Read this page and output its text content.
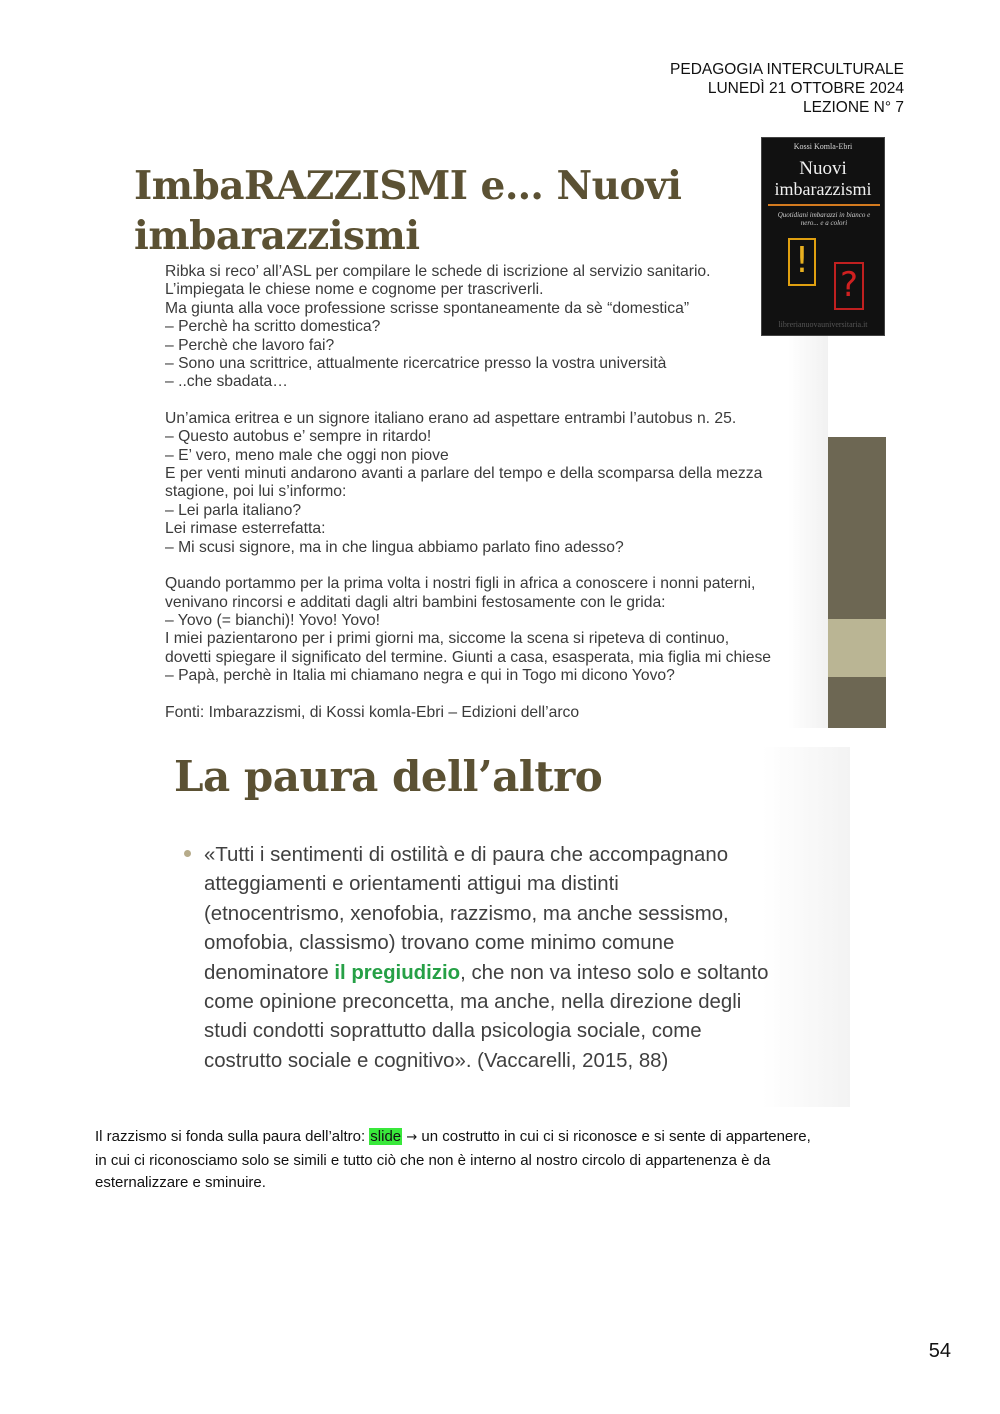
PEDAGOGIA INTERCULTURALE
LUNEDÌ 21 OTTOBRE 2024
LEZIONE N° 7
ImbaRAZZISMI e… Nuovi
imbarazzismi
Kossi Komla-Ebri
Nuovi
imbarazzismi
Quotidiani imbarazzi in bianco e nero... e a colori
!
?
librerianuovauniversitaria.it
Ribka si reco’ all’ASL per compilare le schede di iscrizione al servizio sanitario.
L’impiegata le chiese nome e cognome per trascriverli.
Ma giunta alla voce professione scrisse spontaneamente da sè “domestica”
– Perchè ha scritto domestica?
– Perchè che lavoro fai?
– Sono una scrittrice, attualmente ricercatrice presso la vostra università
– ..che sbadata…
Un’amica eritrea e un signore italiano erano ad aspettare entrambi l’autobus n. 25.
– Questo autobus e’ sempre in ritardo!
– E’ vero, meno male che oggi non piove
E per venti minuti andarono avanti a parlare del tempo e della scomparsa della mezza
stagione, poi lui s’informo:
– Lei parla italiano?
Lei rimase esterrefatta:
– Mi scusi signore, ma in che lingua abbiamo parlato fino adesso?
Quando portammo per la prima volta i nostri figli in africa a conoscere i nonni paterni,
venivano rincorsi e additati dagli altri bambini festosamente con le grida:
– Yovo (= bianchi)! Yovo! Yovo!
I miei pazientarono per i primi giorni ma, siccome la scena si ripeteva di continuo,
dovetti spiegare il significato del termine. Giunti a casa, esasperata, mia figlia mi chiese
– Papà, perchè in Italia mi chiamano negra e qui in Togo mi dicono Yovo?
Fonti: Imbarazzismi, di Kossi komla-Ebri – Edizioni dell’arco
La paura dell’altro
«Tutti i sentimenti di ostilità e di paura che accompagnano
atteggiamenti e orientamenti attigui ma distinti
(etnocentrismo, xenofobia, razzismo, ma anche sessismo,
omofobia, classismo) trovano come minimo comune
denominatore il pregiudizio, che non va inteso solo e soltanto
come opinione preconcetta, ma anche, nella direzione degli
studi condotti soprattutto dalla psicologia sociale, come
costrutto sociale e cognitivo». (Vaccarelli, 2015, 88)
Il razzismo si fonda sulla paura dell’altro: slide → un costrutto in cui ci si riconosce e si sente di appartenere,
in cui ci riconosciamo solo se simili e tutto ciò che non è interno al nostro circolo di appartenenza è da
esternalizzare e sminuire.
54
